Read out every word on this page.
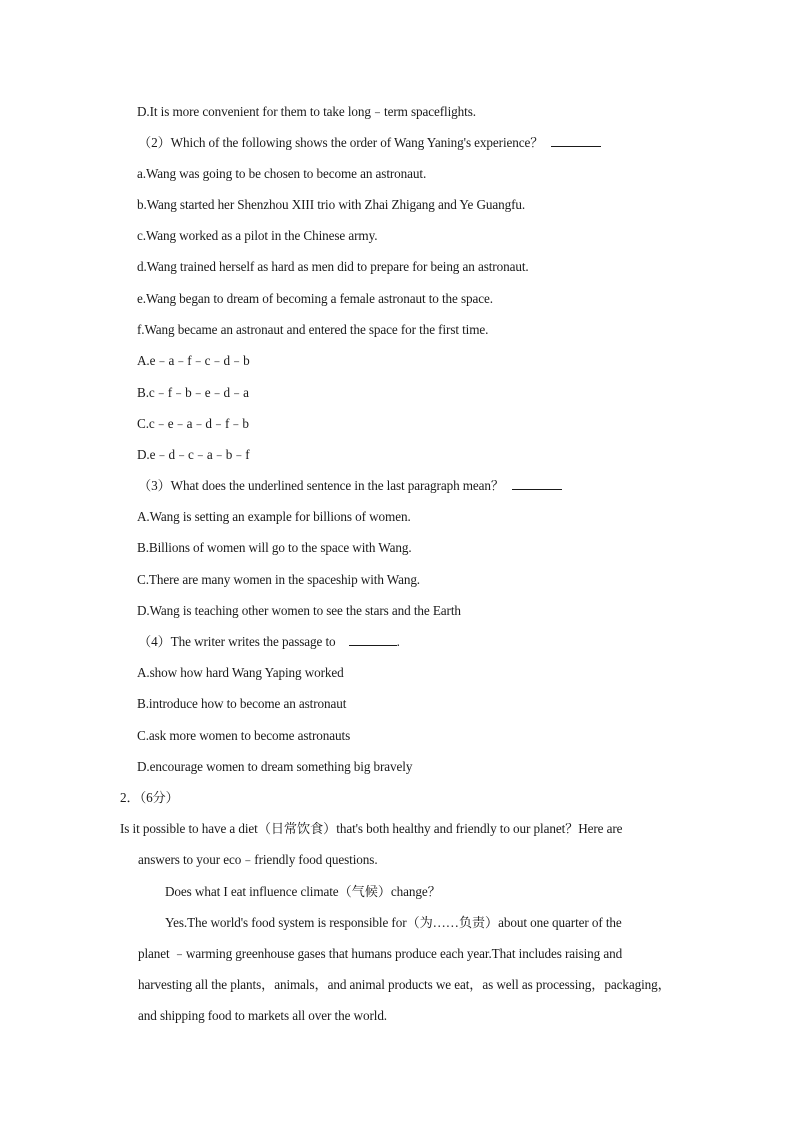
D.It is more convenient for them to take long﹣term spaceflights.
（2）Which of the following shows the order of Wang Yaning's experience？
a.Wang was going to be chosen to become an astronaut.
b.Wang started her Shenzhou XIII trio with Zhai Zhigang and Ye Guangfu.
c.Wang worked as a pilot in the Chinese army.
d.Wang trained herself as hard as men did to prepare for being an astronaut.
e.Wang began to dream of becoming a female astronaut to the space.
f.Wang became an astronaut and entered the space for the first time.
A.e﹣a﹣f﹣c﹣d﹣b
B.c﹣f﹣b﹣e﹣d﹣a
C.c﹣e﹣a﹣d﹣f﹣b
D.e﹣d﹣c﹣a﹣b﹣f
（3）What does the underlined sentence in the last paragraph mean？
A.Wang is setting an example for billions of women.
B.Billions of women will go to the space with Wang.
C.There are many women in the spaceship with Wang.
D.Wang is teaching other women to see the stars and the Earth
（4）The writer writes the passage to	.
A.show how hard Wang Yaping worked
B.introduce how to become an astronaut
C.ask more women to become astronauts
D.encourage women to dream something big bravely
2．（6分）
Is it possible to have a diet（日常饮食）that's both healthy and friendly to our planet？Here are
answers to your eco﹣friendly food questions.
Does what I eat influence climate（气候）change？
Yes.The world's food system is responsible for（为……负责）about one quarter of the
planet ﹣warming greenhouse gases that humans produce each year.That includes raising and
harvesting all the plants，animals，and animal products we eat，as well as processing，packaging，
and shipping food to markets all over the world.
